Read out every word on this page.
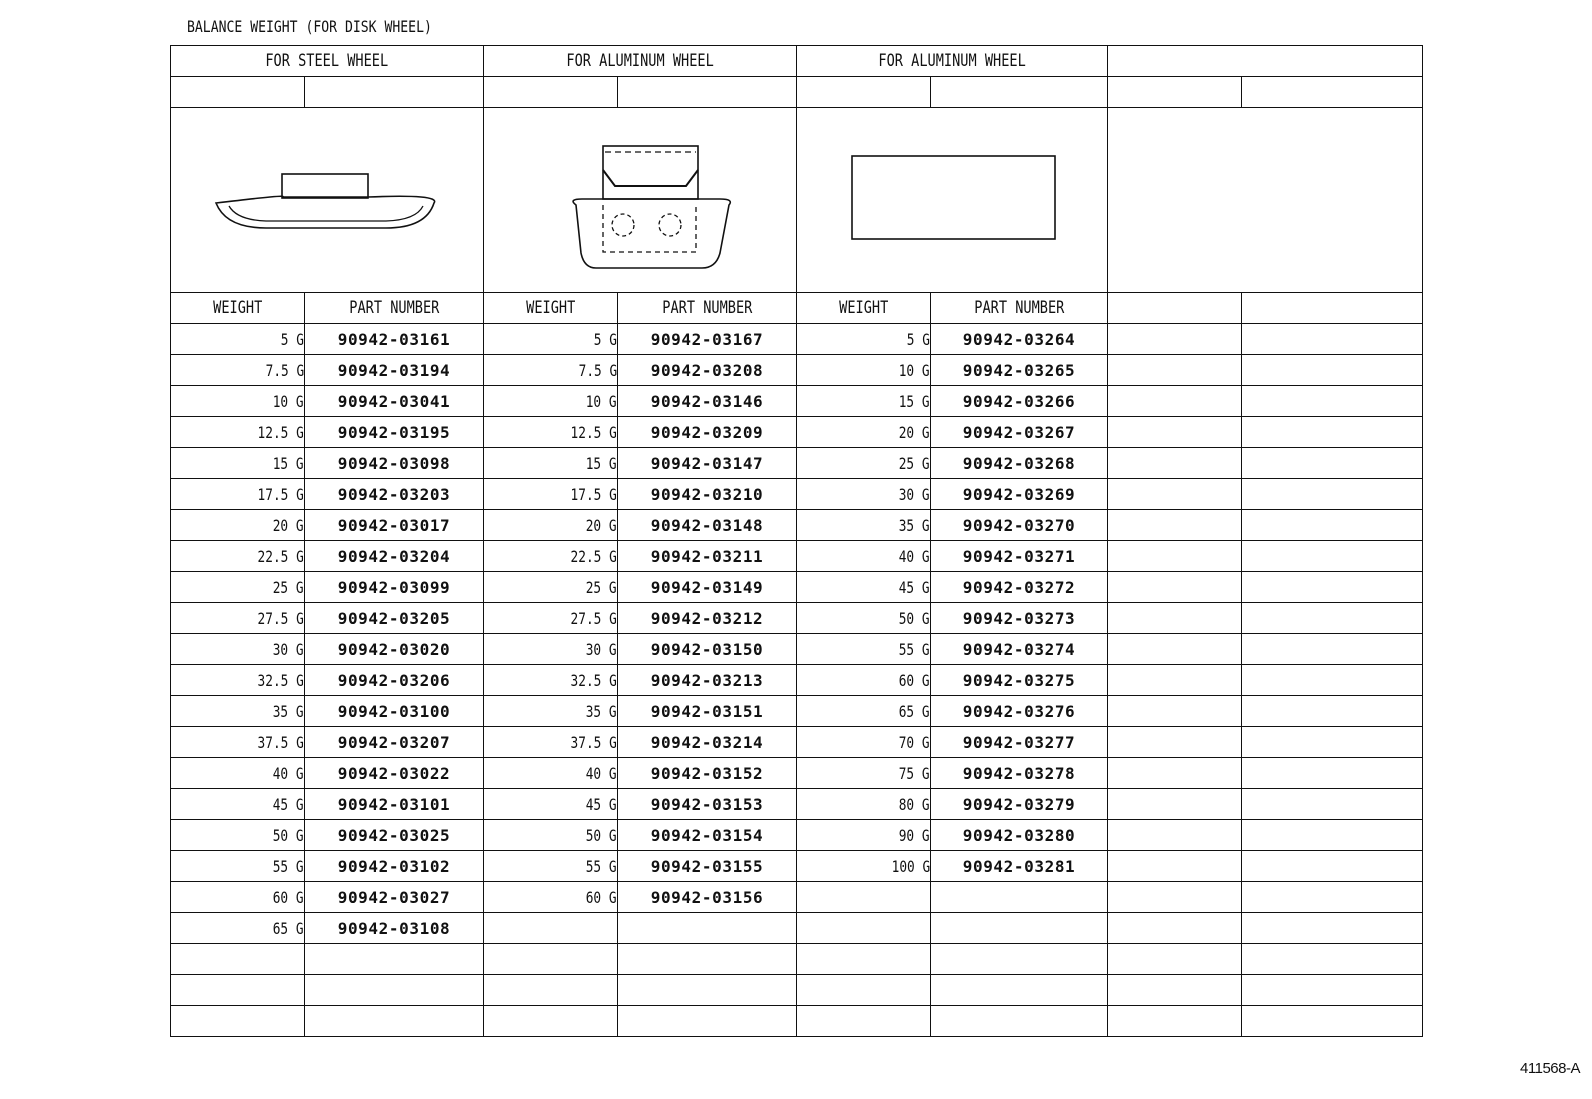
BALANCE WEIGHT (FOR DISK WHEEL)
FOR STEEL WHEEL		FOR ALUMINUM WHEEL		FOR ALUMINUM WHEEL			

WEIGHT	PART NUMBER	WEIGHT	PART NUMBER	WEIGHT	PART NUMBER		
5 G	90942-03161	5 G	90942-03167	5 G	90942-03264		
7.5 G	90942-03194	7.5 G	90942-03208	10 G	90942-03265		
10 G	90942-03041	10 G	90942-03146	15 G	90942-03266		
12.5 G	90942-03195	12.5 G	90942-03209	20 G	90942-03267		
15 G	90942-03098	15 G	90942-03147	25 G	90942-03268		
17.5 G	90942-03203	17.5 G	90942-03210	30 G	90942-03269		
20 G	90942-03017	20 G	90942-03148	35 G	90942-03270		
22.5 G	90942-03204	22.5 G	90942-03211	40 G	90942-03271		
25 G	90942-03099	25 G	90942-03149	45 G	90942-03272		
27.5 G	90942-03205	27.5 G	90942-03212	50 G	90942-03273		
30 G	90942-03020	30 G	90942-03150	55 G	90942-03274		
32.5 G	90942-03206	32.5 G	90942-03213	60 G	90942-03275		
35 G	90942-03100	35 G	90942-03151	65 G	90942-03276		
37.5 G	90942-03207	37.5 G	90942-03214	70 G	90942-03277		
40 G	90942-03022	40 G	90942-03152	75 G	90942-03278		
45 G	90942-03101	45 G	90942-03153	80 G	90942-03279		
50 G	90942-03025	50 G	90942-03154	90 G	90942-03280		
55 G	90942-03102	55 G	90942-03155	100 G	90942-03281		
60 G	90942-03027	60 G	90942-03156				
65 G	90942-03108						

411568-A
